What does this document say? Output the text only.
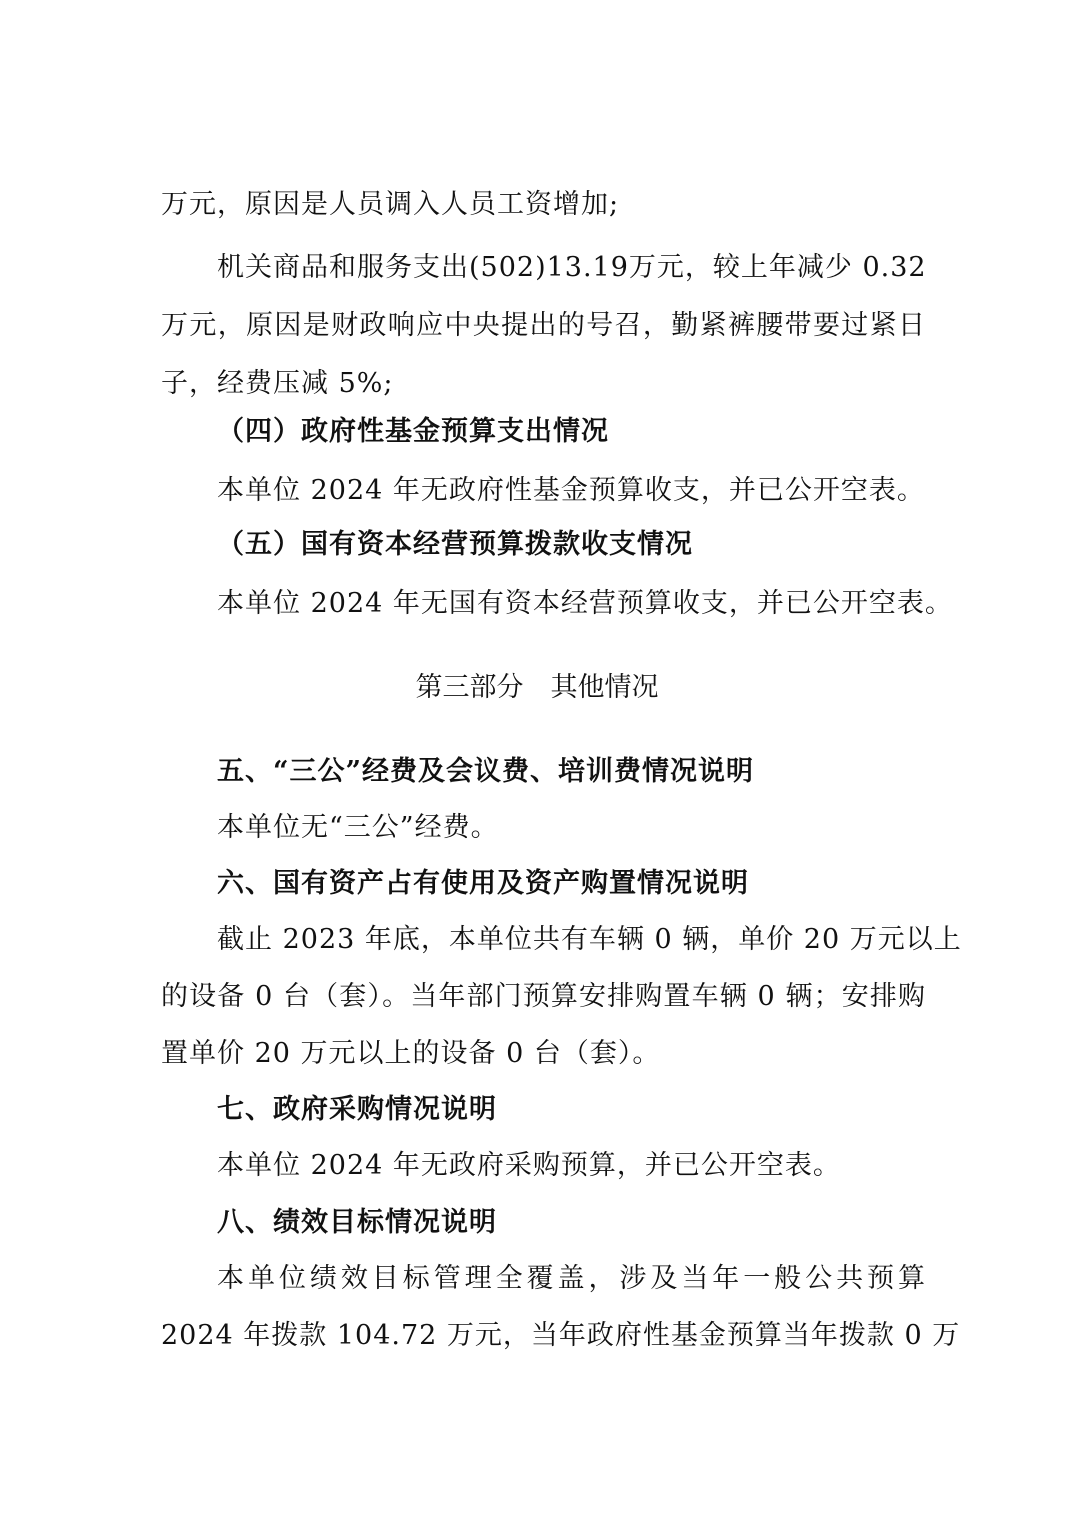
万元，原因是人员调入人员工资增加;
机关商品和服务支出(502)13.19万元，较上年减少 0.32
万元，原因是财政响应中央提出的号召，勤紧裤腰带要过紧日
子，经费压减 5%;
（四）政府性基金预算支出情况
本单位 2024 年无政府性基金预算收支，并已公开空表。
（五）国有资本经营预算拨款收支情况
本单位 2024 年无国有资本经营预算收支，并已公开空表。
第三部分　其他情况
五、“三公”经费及会议费、培训费情况说明
本单位无“三公”经费。
六、国有资产占有使用及资产购置情况说明
截止 2023 年底，本单位共有车辆 0 辆，单价 20 万元以上
的设备 0 台（套）。当年部门预算安排购置车辆 0 辆；安排购
置单价 20 万元以上的设备 0 台（套）。
七、政府采购情况说明
本单位 2024 年无政府采购预算，并已公开空表。
八、绩效目标情况说明
本单位绩效目标管理全覆盖，涉及当年一般公共预算
2024 年拨款 104.72 万元，当年政府性基金预算当年拨款 0 万
